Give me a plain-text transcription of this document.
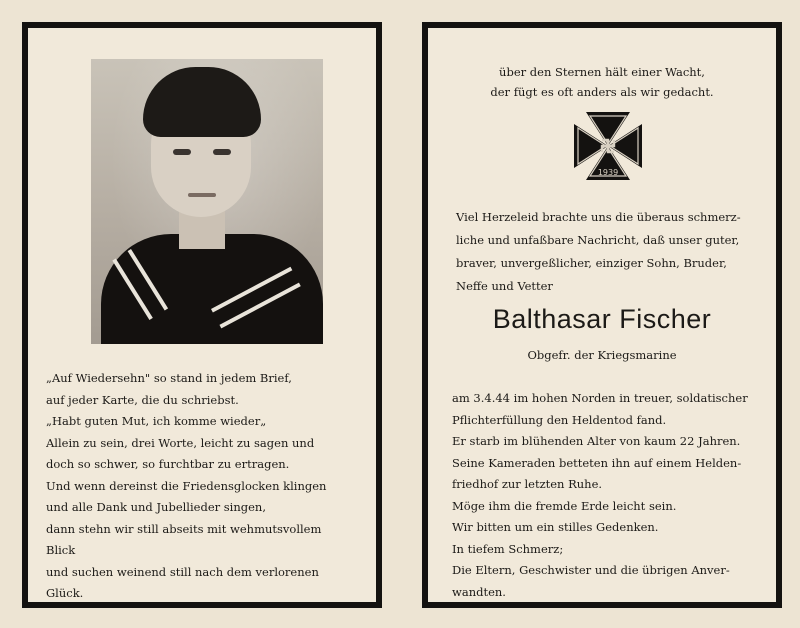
„Auf Wiedersehn" so stand in jedem Brief,
auf jeder Karte, die du schriebst.
„Habt guten Mut, ich komme wieder„
Allein zu sein, drei Worte, leicht zu sagen und
doch so schwer, so furchtbar zu ertragen.
Und wenn dereinst die Friedensglocken klingen
und alle Dank und Jubellieder singen,
dann stehn wir still abseits mit wehmutsvollem
Blick
und suchen weinend still nach dem verlorenen
Glück.
über den Sternen hält einer Wacht,
der fügt es oft anders als wir gedacht.
1939
Viel Herzeleid brachte uns die überaus schmerz-
liche und unfaßbare Nachricht, daß unser guter,
braver, unvergeßlicher, einziger Sohn, Bruder,
Neffe und Vetter
Balthasar Fischer
Obgefr. der Kriegsmarine
am 3.4.44 im hohen Norden in treuer, soldatischer
Pflichterfüllung den Heldentod fand.
Er starb im blühenden Alter von kaum 22 Jahren.
Seine Kameraden betteten ihn auf einem Helden-
friedhof zur letzten Ruhe.
Möge ihm die fremde Erde leicht sein.
Wir bitten um ein stilles Gedenken.
In tiefem Schmerz;
Die Eltern, Geschwister und die übrigen Anver-
wandten.
